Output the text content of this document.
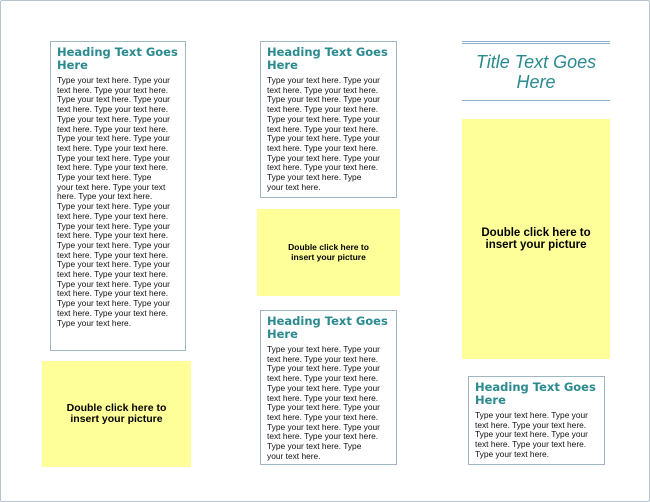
Heading Text Goes Here

Type your text here. Type your
text here. Type your text here.
Type your text here. Type your
text here. Type your text here.
Type your text here. Type your
text here. Type your text here.
Type your text here. Type your
text here. Type your text here.
Type your text here. Type your
text here. Type your text here.
Type your text here. Type
your text here. Type your text
here. Type your text here.
Type your text here. Type your
text here. Type your text here.
Type your text here. Type your
text here. Type your text here.
Type your text here. Type your
text here. Type your text here.
Type your text here. Type your
text here. Type your text here.
Type your text here. Type your
text here. Type your text here.
Type your text here. Type your
text here. Type your text here.
Type your text here.

Double click here to insert your picture

Heading Text Goes Here

Type your text here. Type your
text here. Type your text here.
Type your text here. Type your
text here. Type your text here.
Type your text here. Type your
text here. Type your text here.
Type your text here. Type your
text here. Type your text here.
Type your text here. Type your
text here. Type your text here.
Type your text here. Type
your text here.

Double click here to insert your picture

Heading Text Goes Here

Type your text here. Type your
text here. Type your text here.
Type your text here. Type your
text here. Type your text here.
Type your text here. Type your
text here. Type your text here.
Type your text here. Type your
text here. Type your text here.
Type your text here. Type your
text here. Type your text here.
Type your text here. Type
your text here.

Title Text Goes Here

Double click here to insert your picture

Heading Text Goes Here

Type your text here. Type your
text here. Type your text here.
Type your text here. Type your
text here. Type your text here.
Type your text here.
